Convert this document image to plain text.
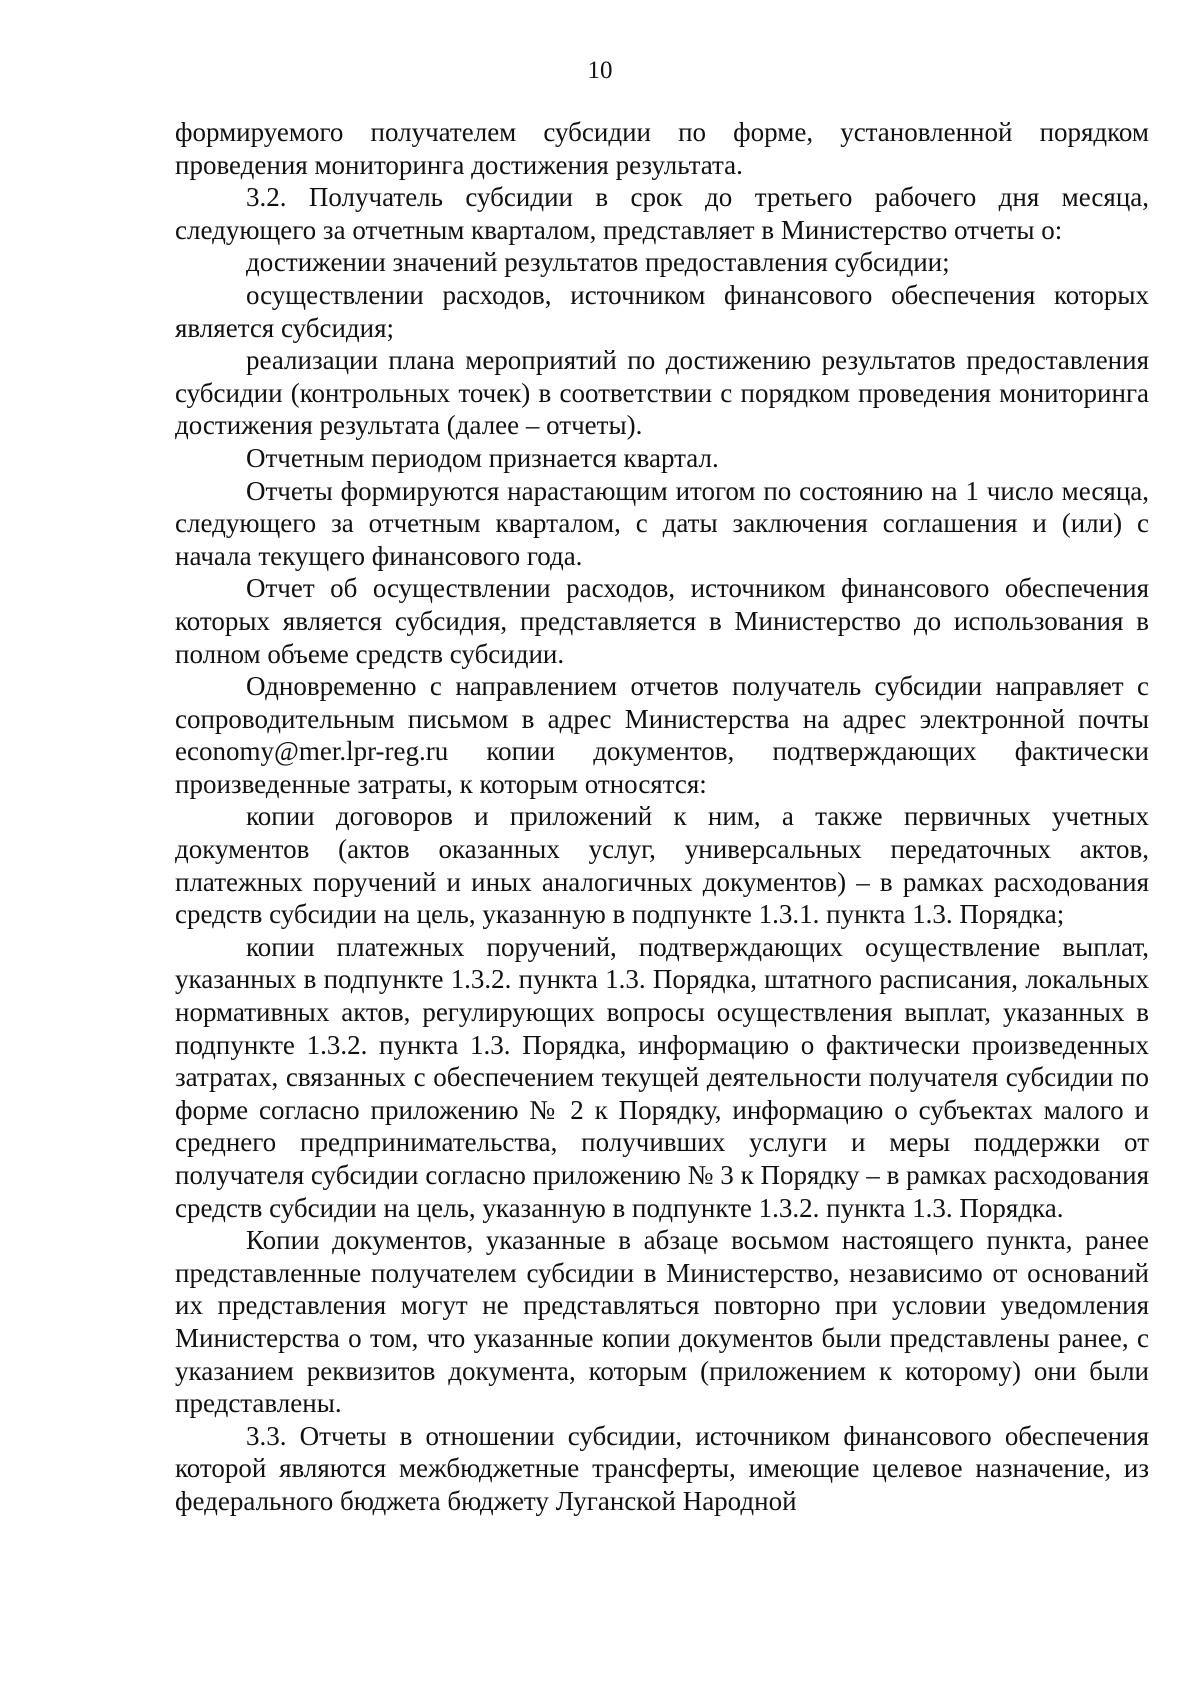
10

формируемого получателем субсидии по форме, установленной порядком проведения мониторинга достижения результата.

3.2. Получатель субсидии в срок до третьего рабочего дня месяца, следующего за отчетным кварталом, представляет в Министерство отчеты о:

достижении значений результатов предоставления субсидии;

осуществлении расходов, источником финансового обеспечения которых является субсидия;

реализации плана мероприятий по достижению результатов предоставления субсидии (контрольных точек) в соответствии с порядком проведения мониторинга достижения результата (далее – отчеты).

Отчетным периодом признается квартал.

Отчеты формируются нарастающим итогом по состоянию на 1 число месяца, следующего за отчетным кварталом, с даты заключения соглашения и (или) с начала текущего финансового года.

Отчет об осуществлении расходов, источником финансового обеспечения которых является субсидия, представляется в Министерство до использования в полном объеме средств субсидии.

Одновременно с направлением отчетов получатель субсидии направляет с сопроводительным письмом в адрес Министерства на адрес электронной почты economy@mer.lpr-reg.ru копии документов, подтверждающих фактически произведенные затраты, к которым относятся:

копии договоров и приложений к ним, а также первичных учетных документов (актов оказанных услуг, универсальных передаточных актов, платежных поручений и иных аналогичных документов) – в рамках расходования средств субсидии на цель, указанную в подпункте 1.3.1. пункта 1.3. Порядка;

копии платежных поручений, подтверждающих осуществление выплат, указанных в подпункте 1.3.2. пункта 1.3. Порядка, штатного расписания, локальных нормативных актов, регулирующих вопросы осуществления выплат, указанных в подпункте 1.3.2. пункта 1.3. Порядка, информацию о фактически произведенных затратах, связанных с обеспечением текущей деятельности получателя субсидии по форме согласно приложению № 2 к Порядку, информацию о субъектах малого и среднего предпринимательства, получивших услуги и меры поддержки от получателя субсидии согласно приложению № 3 к Порядку – в рамках расходования средств субсидии на цель, указанную в подпункте 1.3.2. пункта 1.3. Порядка.

Копии документов, указанные в абзаце восьмом настоящего пункта, ранее представленные получателем субсидии в Министерство, независимо от оснований их представления могут не представляться повторно при условии уведомления Министерства о том, что указанные копии документов были представлены ранее, с указанием реквизитов документа, которым (приложением к которому) они были представлены.

3.3. Отчеты в отношении субсидии, источником финансового обеспечения которой являются межбюджетные трансферты, имеющие целевое назначение, из федерального бюджета бюджету Луганской Народной
